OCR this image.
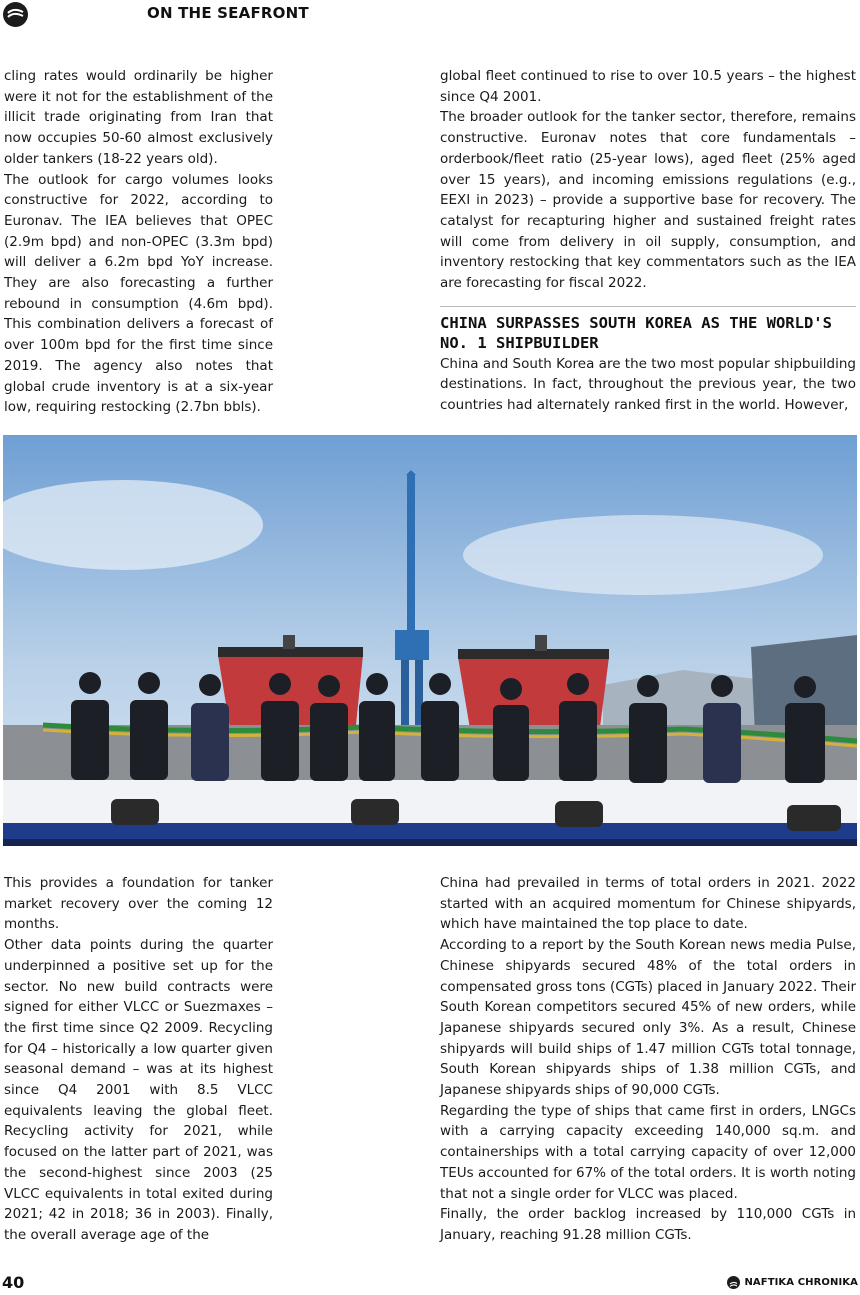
ON THE SEAFRONT

cling rates would ordinarily be higher were it not for the establishment of the illicit trade originating from Iran that now occupies 50-60 almost exclusively older tankers (18-22 years old).
The outlook for cargo volumes looks constructive for 2022, according to Euronav. The IEA believes that OPEC (2.9m bpd) and non-OPEC (3.3m bpd) will deliver a 6.2m bpd YoY increase. They are also forecasting a further rebound in consumption (4.6m bpd). This combination delivers a forecast of over 100m bpd for the first time since 2019. The agency also notes that global crude inventory is at a six-year low, requiring restocking (2.7bn bbls).

global fleet continued to rise to over 10.5 years – the highest since Q4 2001.

The broader outlook for the tanker sector, therefore, remains constructive. Euronav notes that core fundamentals – orderbook/fleet ratio (25-year lows), aged fleet (25% aged over 15 years), and incoming emissions regulations (e.g., EEXI in 2023) – provide a supportive base for recovery. The catalyst for recapturing higher and sustained freight rates will come from delivery in oil supply, consumption, and inventory restocking that key commentators such as the IEA are forecasting for fiscal 2022.

CHINA SURPASSES SOUTH KOREA AS THE WORLD'S NO. 1 SHIPBUILDER

China and South Korea are the two most popular shipbuilding destinations. In fact, throughout the previous year, the two countries had alternately ranked first in the world. However,

This provides a foundation for tanker market recovery over the coming 12 months.

Other data points during the quarter underpinned a positive set up for the sector. No new build contracts were signed for either VLCC or Suezmaxes – the first time since Q2 2009. Recycling for Q4 – historically a low quarter given seasonal demand – was at its highest since Q4 2001 with 8.5 VLCC equivalents leaving the global fleet. Recycling activity for 2021, while focused on the latter part of 2021, was the second-highest since 2003 (25 VLCC equivalents in total exited during 2021; 42 in 2018; 36 in 2003). Finally, the overall average age of the

China had prevailed in terms of total orders in 2021. 2022 started with an acquired momentum for Chinese shipyards, which have maintained the top place to date.

According to a report by the South Korean news media Pulse, Chinese shipyards secured 48% of the total orders in compensated gross tons (CGTs) placed in January 2022. Their South Korean competitors secured 45% of new orders, while Japanese shipyards secured only 3%. As a result, Chinese shipyards will build ships of 1.47 million CGTs total tonnage, South Korean shipyards ships of 1.38 million CGTs, and Japanese shipyards ships of 90,000 CGTs.

Regarding the type of ships that came first in orders, LNGCs with a carrying capacity exceeding 140,000 sq.m. and containerships with a total carrying capacity of over 12,000 TEUs accounted for 67% of the total orders. It is worth noting that not a single order for VLCC was placed.

Finally, the order backlog increased by 110,000 CGTs in January, reaching 91.28 million CGTs.

40	NAFTIKA CHRONIKA
